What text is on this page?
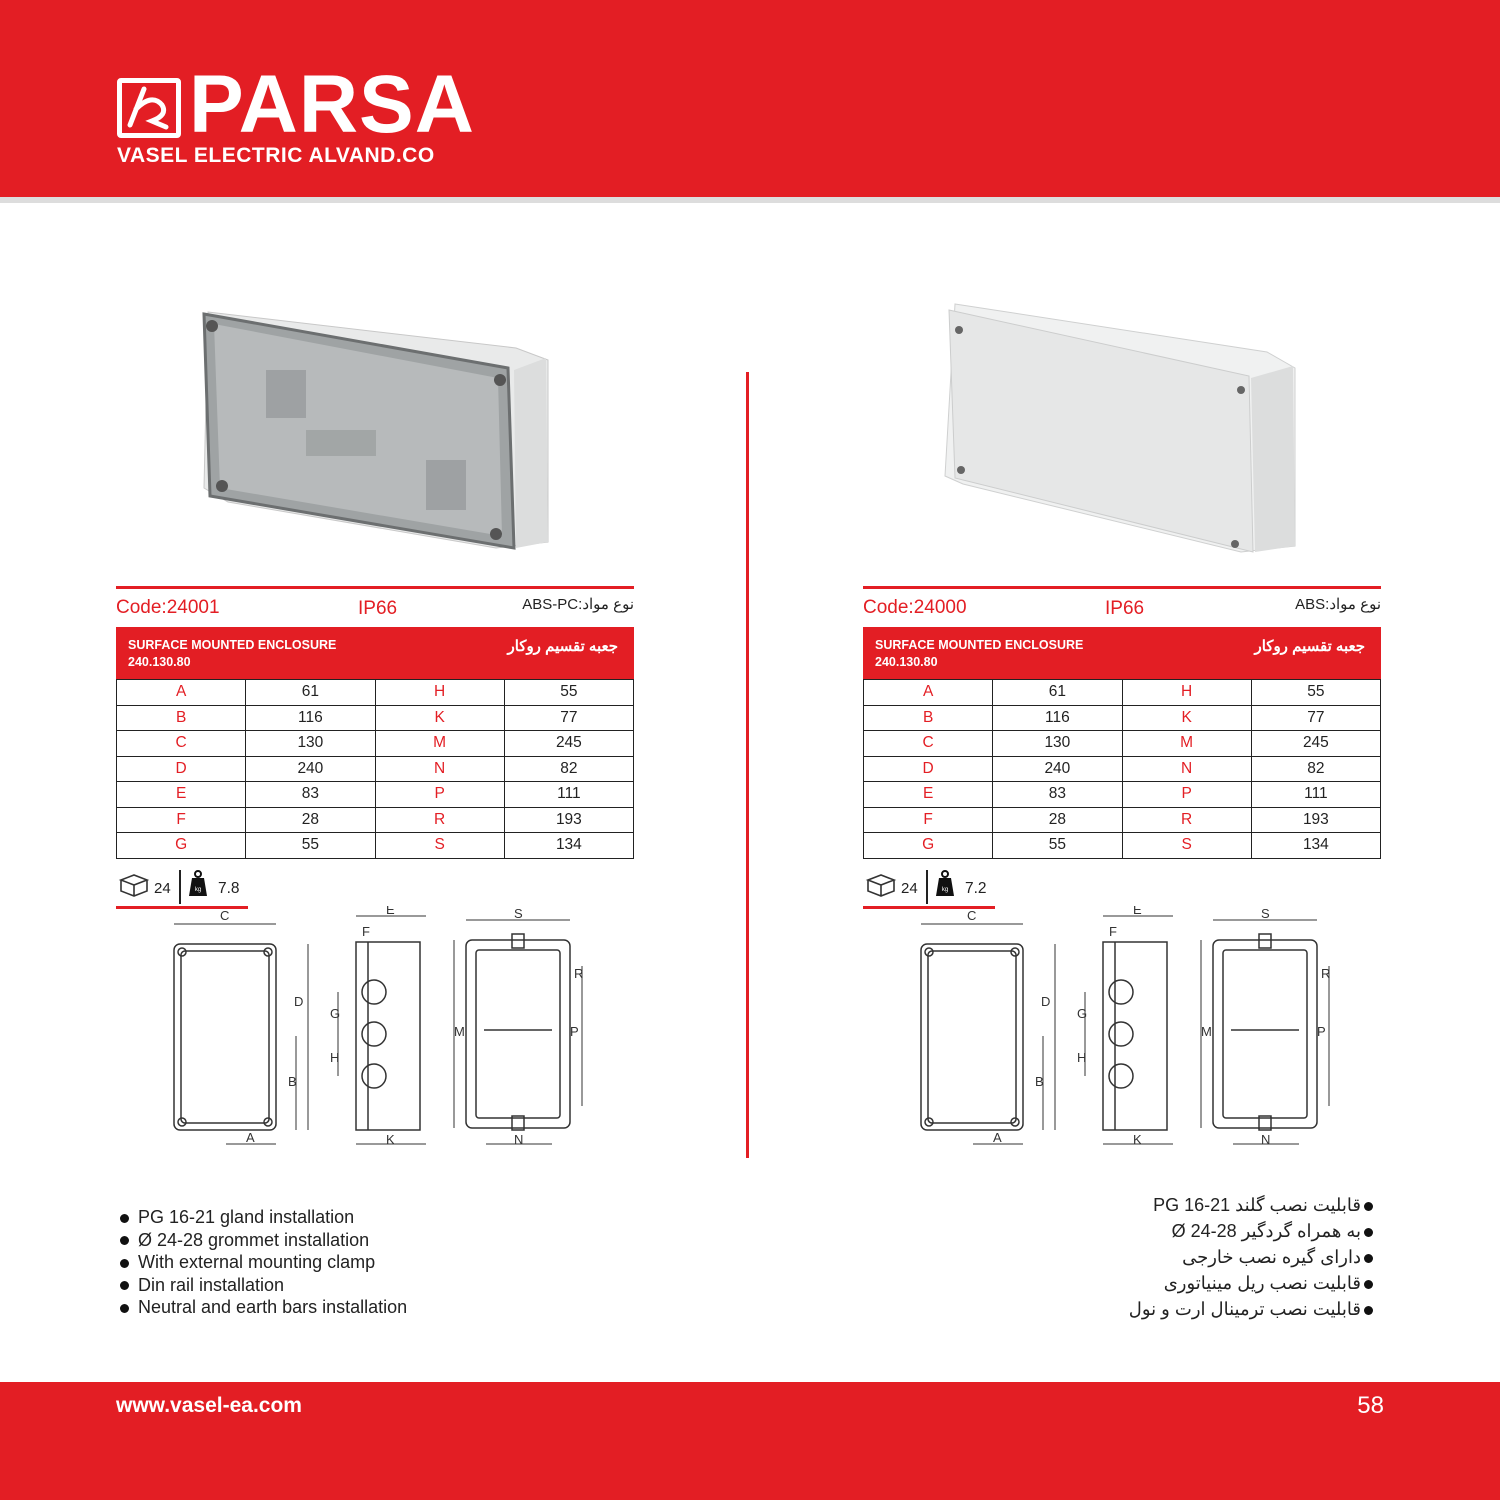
PARSA
VASEL ELECTRIC ALVAND.CO
Code:24001	IP66	نوع مواد:ABS-PC
SURFACE MOUNTED ENCLOSURE
240.130.80
جعبه تقسیم روکار
A	61	H	55
B	116	K	77
C	130	M	245
D	240	N	82
E	83	P	111
F	28	R	193
G	55	S	134
24	kg 7.8
C
D
B
A
E
F
G
H
K
S
M
R
P
N
Code:24000	IP66	نوع مواد:ABS
SURFACE MOUNTED ENCLOSURE
240.130.80
جعبه تقسیم روکار
A	61	H	55
B	116	K	77
C	130	M	245
D	240	N	82
E	83	P	111
F	28	R	193
G	55	S	134
24	kg 7.2
C
D
B
A
E
F
G
H
K
S
M
R
P
N
PG 16-21 gland installation
Ø 24-28 grommet installation
With external mounting clamp
Din rail installation
Neutral and earth bars installation
قابلیت نصب گلند PG 16-21
به همراه گردگیر Ø 24-28
دارای گیره نصب خارجی
قابلیت نصب ریل مینیاتوری
قابلیت نصب ترمینال ارت و نول
www.vasel-ea.com	58
